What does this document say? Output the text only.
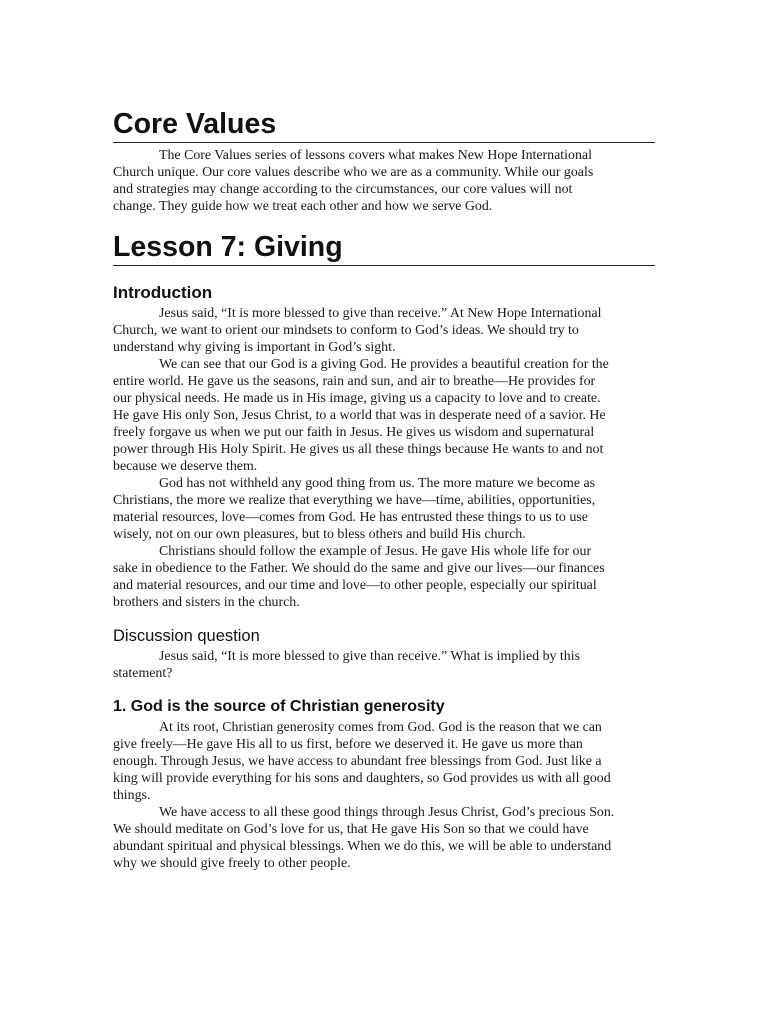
Core Values

The Core Values series of lessons covers what makes New Hope International
Church unique. Our core values describe who we are as a community. While our goals
and strategies may change according to the circumstances, our core values will not
change. They guide how we treat each other and how we serve God.

Lesson 7: Giving
Introduction

Jesus said, “It is more blessed to give than receive.” At New Hope International
Church, we want to orient our mindsets to conform to God’s ideas. We should try to
understand why giving is important in God’s sight.

We can see that our God is a giving God. He provides a beautiful creation for the
entire world. He gave us the seasons, rain and sun, and air to breathe—He provides for
our physical needs. He made us in His image, giving us a capacity to love and to create.
He gave His only Son, Jesus Christ, to a world that was in desperate need of a savior. He
freely forgave us when we put our faith in Jesus. He gives us wisdom and supernatural
power through His Holy Spirit. He gives us all these things because He wants to and not
because we deserve them.

God has not withheld any good thing from us. The more mature we become as
Christians, the more we realize that everything we have—time, abilities, opportunities,
material resources, love—comes from God. He has entrusted these things to us to use
wisely, not on our own pleasures, but to bless others and build His church.

Christians should follow the example of Jesus. He gave His whole life for our
sake in obedience to the Father. We should do the same and give our lives—our finances
and material resources, and our time and love—to other people, especially our spiritual
brothers and sisters in the church.

Discussion question

Jesus said, “It is more blessed to give than receive.” What is implied by this
statement?

1. God is the source of Christian generosity

At its root, Christian generosity comes from God. God is the reason that we can
give freely—He gave His all to us first, before we deserved it. He gave us more than
enough. Through Jesus, we have access to abundant free blessings from God. Just like a
king will provide everything for his sons and daughters, so God provides us with all good
things.

We have access to all these good things through Jesus Christ, God’s precious Son.
We should meditate on God’s love for us, that He gave His Son so that we could have
abundant spiritual and physical blessings. When we do this, we will be able to understand
why we should give freely to other people.
